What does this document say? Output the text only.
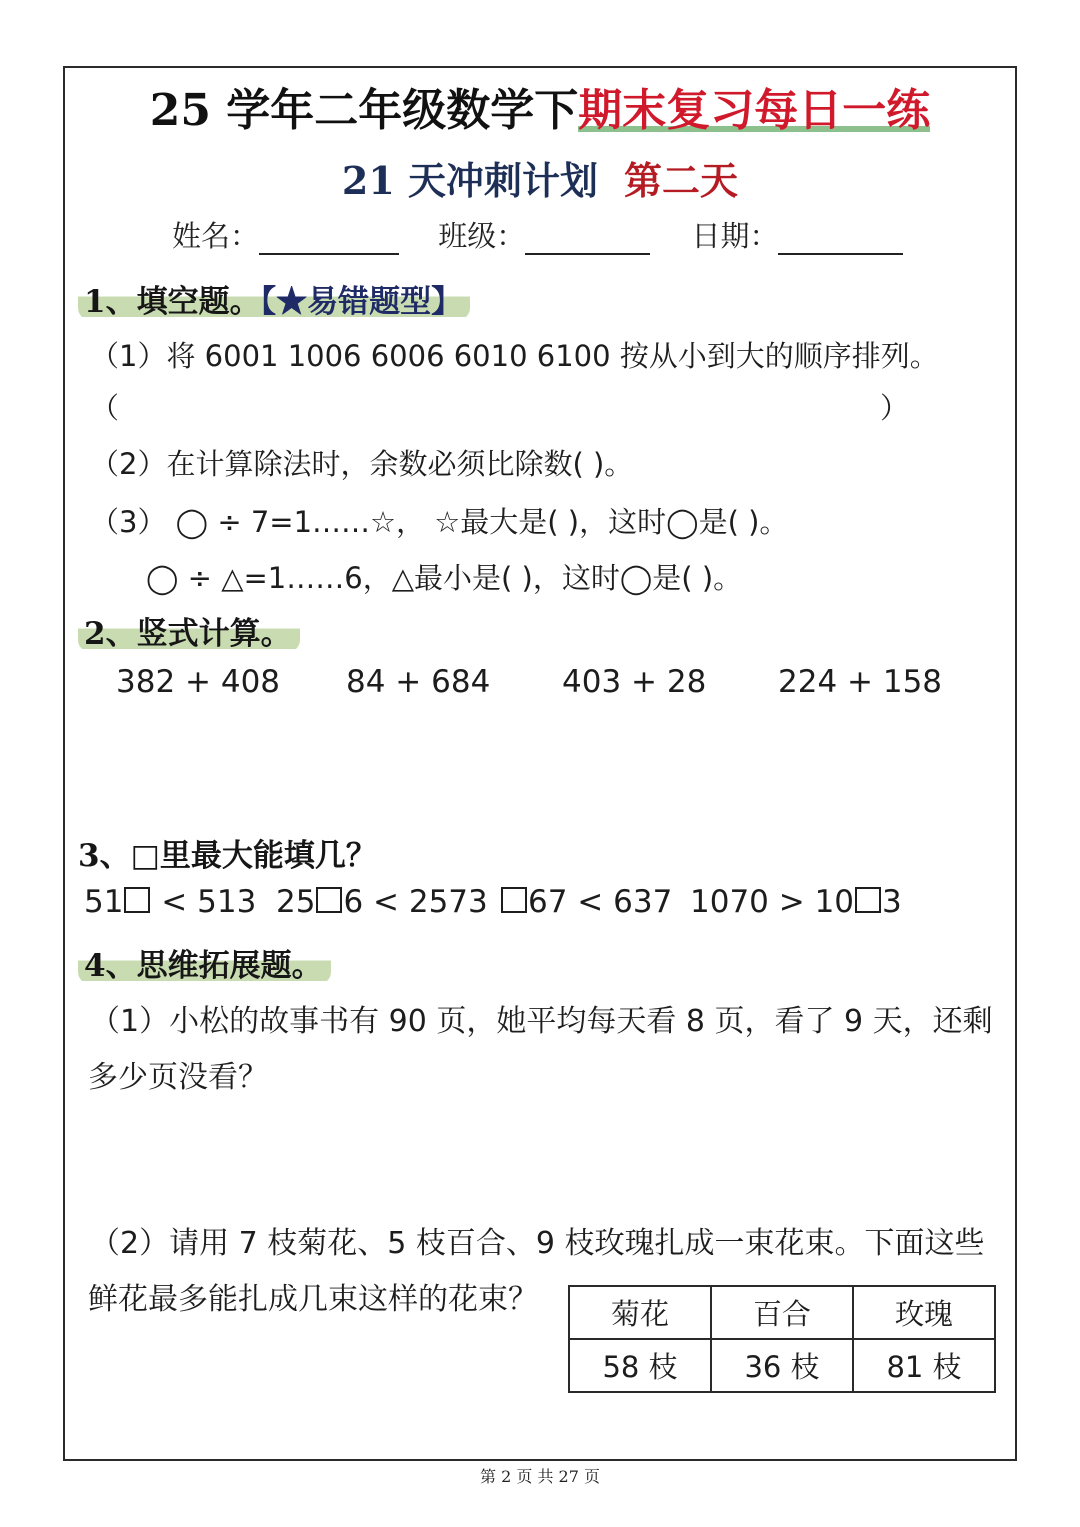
25 学年二年级数学下期末复习每日一练
21 天冲刺计划 第二天
姓名：	班级：	日期：
1、填空题。【★易错题型】
（1）将 6001 1006 6006 6010 6100 按从小到大的顺序排列。
（	）
（2）在计算除法时，余数必须比除数( )。
（3） ◯ ÷ 7=1……☆， ☆最大是( )，这时◯是( )。
◯ ÷ △=1……6，△最小是( )，这时◯是( )。
2、竖式计算。
382 + 408 84 + 684 403 + 28 224 + 158
3、□里最大能填几？
51 < 513 25 6 < 2573	67 < 637 1070 > 10 3
4、思维拓展题。
（1）小松的故事书有 90 页，她平均每天看 8 页，看了 9 天，还剩
多少页没看？
（2）请用 7 枝菊花、5 枝百合、9 枝玫瑰扎成一束花束。下面这些
鲜花最多能扎成几束这样的花束？	菊花	百合	玫瑰
58 枝	36 枝	81 枝
第 2 页 共 27 页
